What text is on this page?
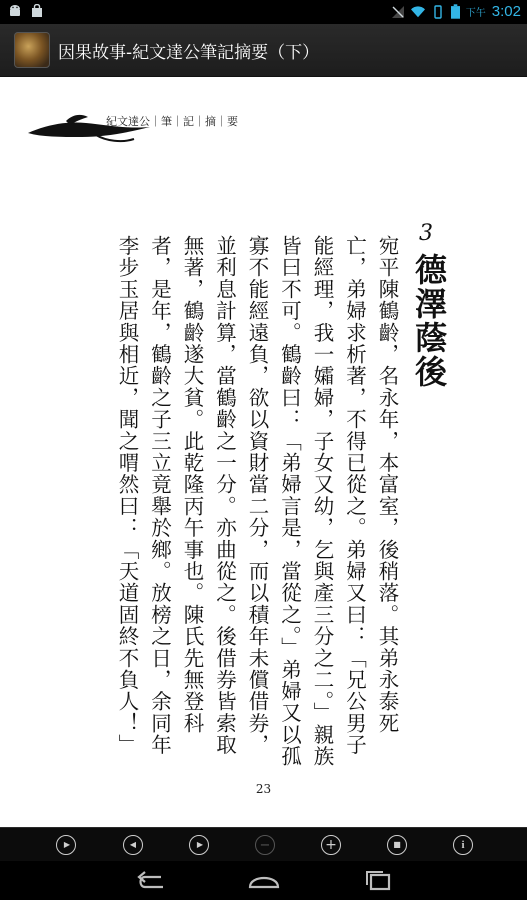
下午 3:02
因果故事-紀文達公筆記摘要（下）
紀文達公｜筆｜記｜摘｜要
3
德澤蔭後

宛平陳鶴齡，名永年，本富室，後稍落。其弟永泰死亡，弟婦求析著，不得已從之。弟婦又曰：「兄公男子能經理，我一孀婦，子女又幼，乞與產三分之二。」親族皆曰不可。鶴齡曰：「弟婦言是，當從之。」弟婦又以孤寡不能經遠負，欲以資財當二分，而以積年未償借券，並利息計算，當鶴齡之一分。亦曲從之。後借券皆索取無著，鶴齡遂大貧。此乾隆丙午事也。陳氏先無登科者，是年，鶴齡之子三立竟舉於鄉。放榜之日，余同年李步玉居與相近，聞之喟然曰：「天道固終不負人！」

23
▶	◀	▶	−	+	■	i
